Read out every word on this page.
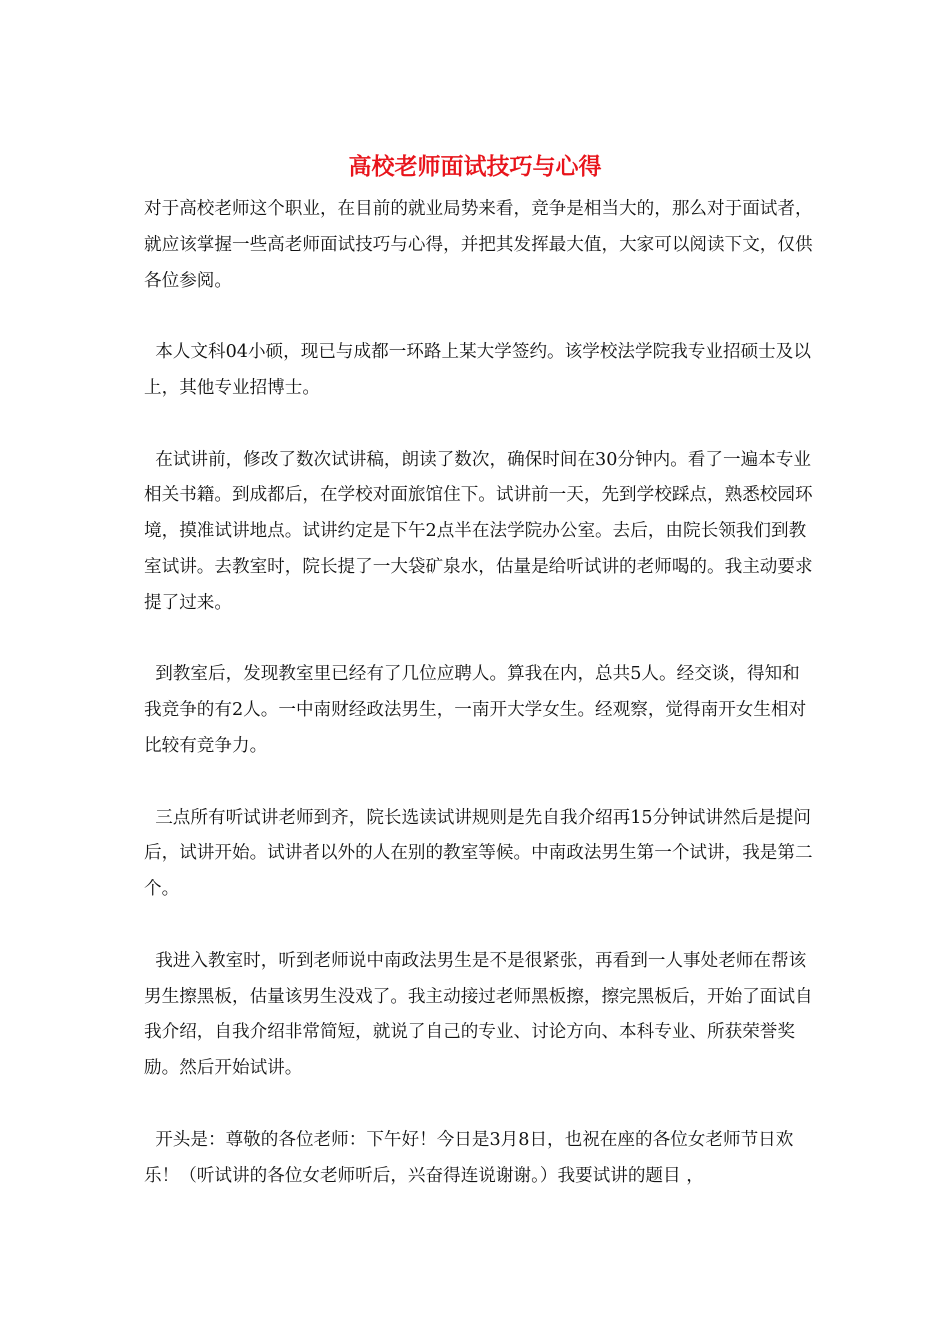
高校老师面试技巧与心得

对于高校老师这个职业，在目前的就业局势来看，竞争是相当大的，那么对于面试者，就应该掌握一些高老师面试技巧与心得，并把其发挥最大值，大家可以阅读下文，仅供各位参阅。

本人文科04小硕，现已与成都一环路上某大学签约。该学校法学院我专业招硕士及以上，其他专业招博士。

在试讲前，修改了数次试讲稿，朗读了数次，确保时间在30分钟内。看了一遍本专业相关书籍。到成都后，在学校对面旅馆住下。试讲前一天，先到学校踩点，熟悉校园环境，摸准试讲地点。试讲约定是下午2点半在法学院办公室。去后，由院长领我们到教室试讲。去教室时，院长提了一大袋矿泉水，估量是给听试讲的老师喝的。我主动要求提了过来。

到教室后，发现教室里已经有了几位应聘人。算我在内，总共5人。经交谈，得知和我竞争的有2人。一中南财经政法男生，一南开大学女生。经观察，觉得南开女生相对比较有竞争力。

三点所有听试讲老师到齐，院长选读试讲规则是先自我介绍再15分钟试讲然后是提问后，试讲开始。试讲者以外的人在别的教室等候。中南政法男生第一个试讲，我是第二个。

我进入教室时，听到老师说中南政法男生是不是很紧张，再看到一人事处老师在帮该男生擦黑板，估量该男生没戏了。我主动接过老师黑板擦，擦完黑板后，开始了面试自我介绍，自我介绍非常简短，就说了自己的专业、讨论方向、本科专业、所获荣誉奖励。然后开始试讲。

开头是：尊敬的各位老师：下午好！今日是3月8日，也祝在座的各位女老师节日欢乐！（听试讲的各位女老师听后，兴奋得连说谢谢。）我要试讲的题目 ，
